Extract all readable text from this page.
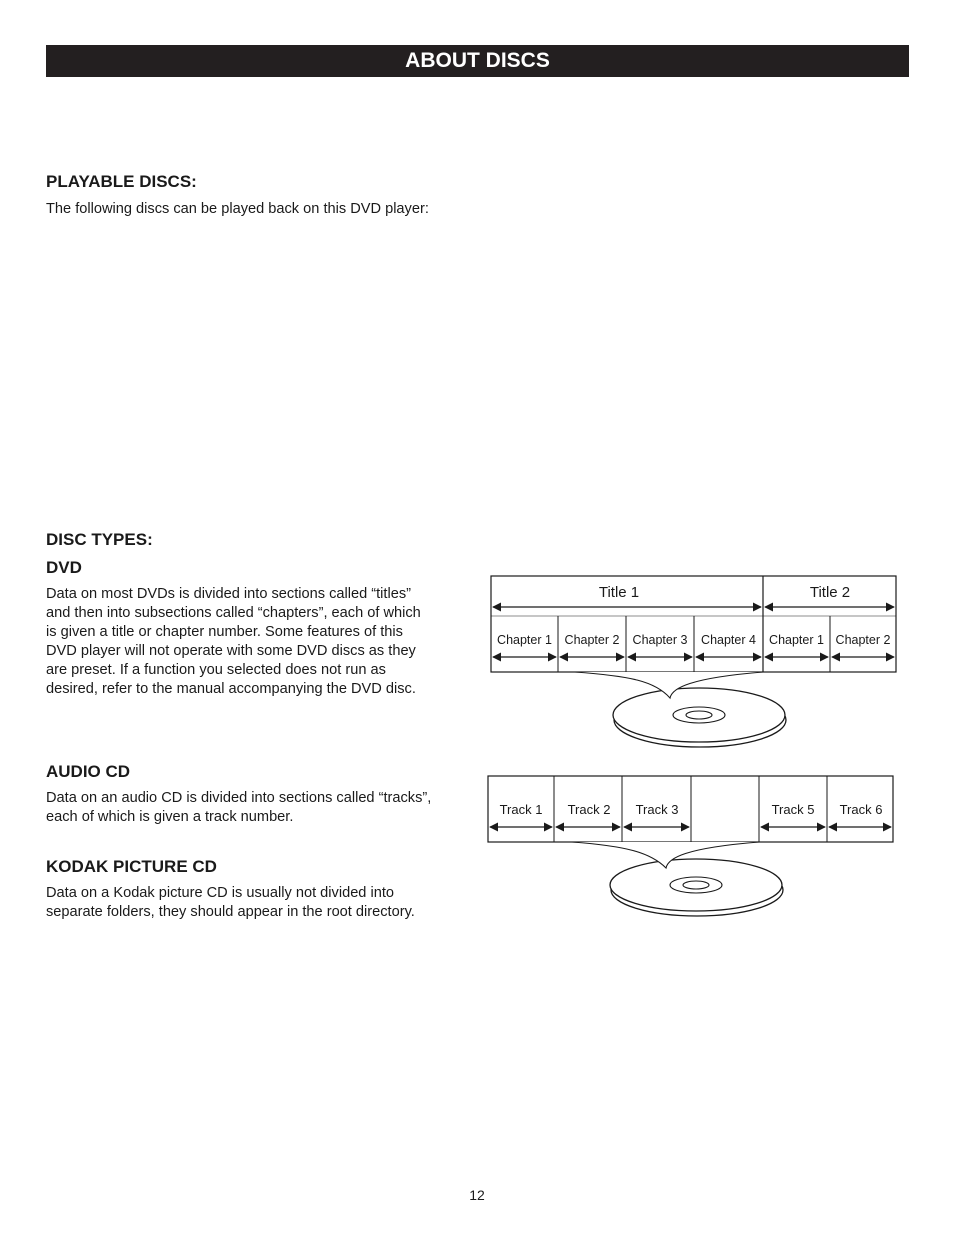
ABOUT DISCS
PLAYABLE DISCS:

The following discs can be played back on this DVD player:

DISC TYPES:
DVD
Data on most DVDs is divided into sections called “titles”
and then into subsections called “chapters”, each of which
is given a title or chapter number. Some features of this
DVD player will not operate with some DVD discs as they
are preset. If a function you selected does not run as
desired, refer to the manual accompanying the DVD disc.
AUDIO CD
Data on an audio CD is divided into sections called “tracks”,
each of which is given a track number.
KODAK PICTURE CD
Data on a Kodak picture CD is usually not divided into
separate folders, they should appear in the root directory.
Title 1	Title 2
Chapter 1 Chapter 2 Chapter 3 Chapter 4 Chapter 1 Chapter 2
Track 1 Track 2 Track 3	Track 5 Track 6
12
